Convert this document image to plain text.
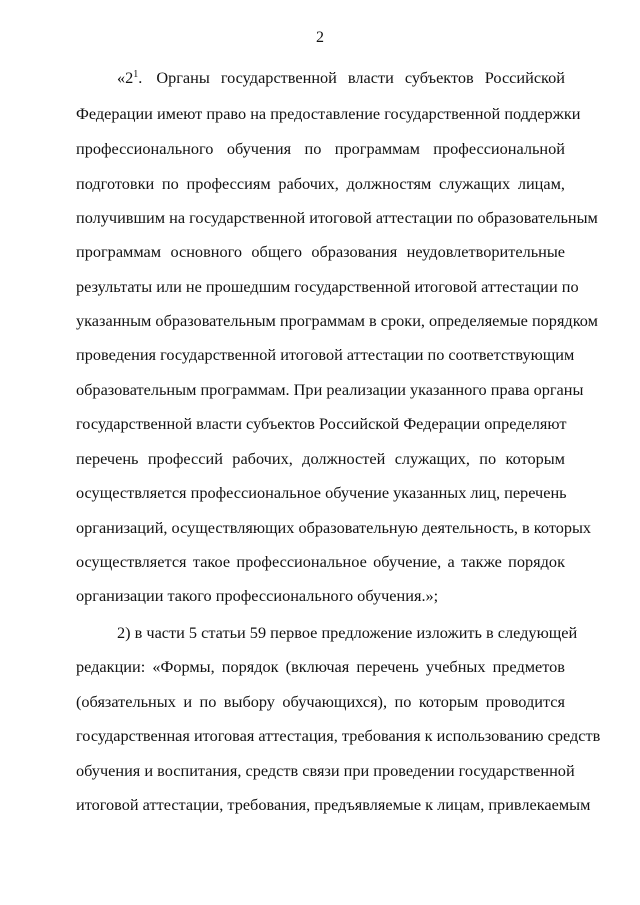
2
«$2^1$. Органы государственной власти субъектов Российской
Федерации имеют право на предоставление государственной поддержки
профессионального обучения по программам профессиональной
подготовки по профессиям рабочих, должностям служащих лицам,
получившим на государственной итоговой аттестации по образовательным
программам основного общего образования неудовлетворительные
результаты или не прошедшим государственной итоговой аттестации по
указанным образовательным программам в сроки, определяемые порядком
проведения государственной итоговой аттестации по соответствующим
образовательным программам. При реализации указанного права органы
государственной власти субъектов Российской Федерации определяют
перечень профессий рабочих, должностей служащих, по которым
осуществляется профессиональное обучение указанных лиц, перечень
организаций, осуществляющих образовательную деятельность, в которых
осуществляется такое профессиональное обучение, а также порядок
организации такого профессионального обучения.»;
2) в части 5 статьи 59 первое предложение изложить в следующей
редакции: «Формы, порядок (включая перечень учебных предметов
(обязательных и по выбору обучающихся), по которым проводится
государственная итоговая аттестация, требования к использованию средств
обучения и воспитания, средств связи при проведении государственной
итоговой аттестации, требования, предъявляемые к лицам, привлекаемым
